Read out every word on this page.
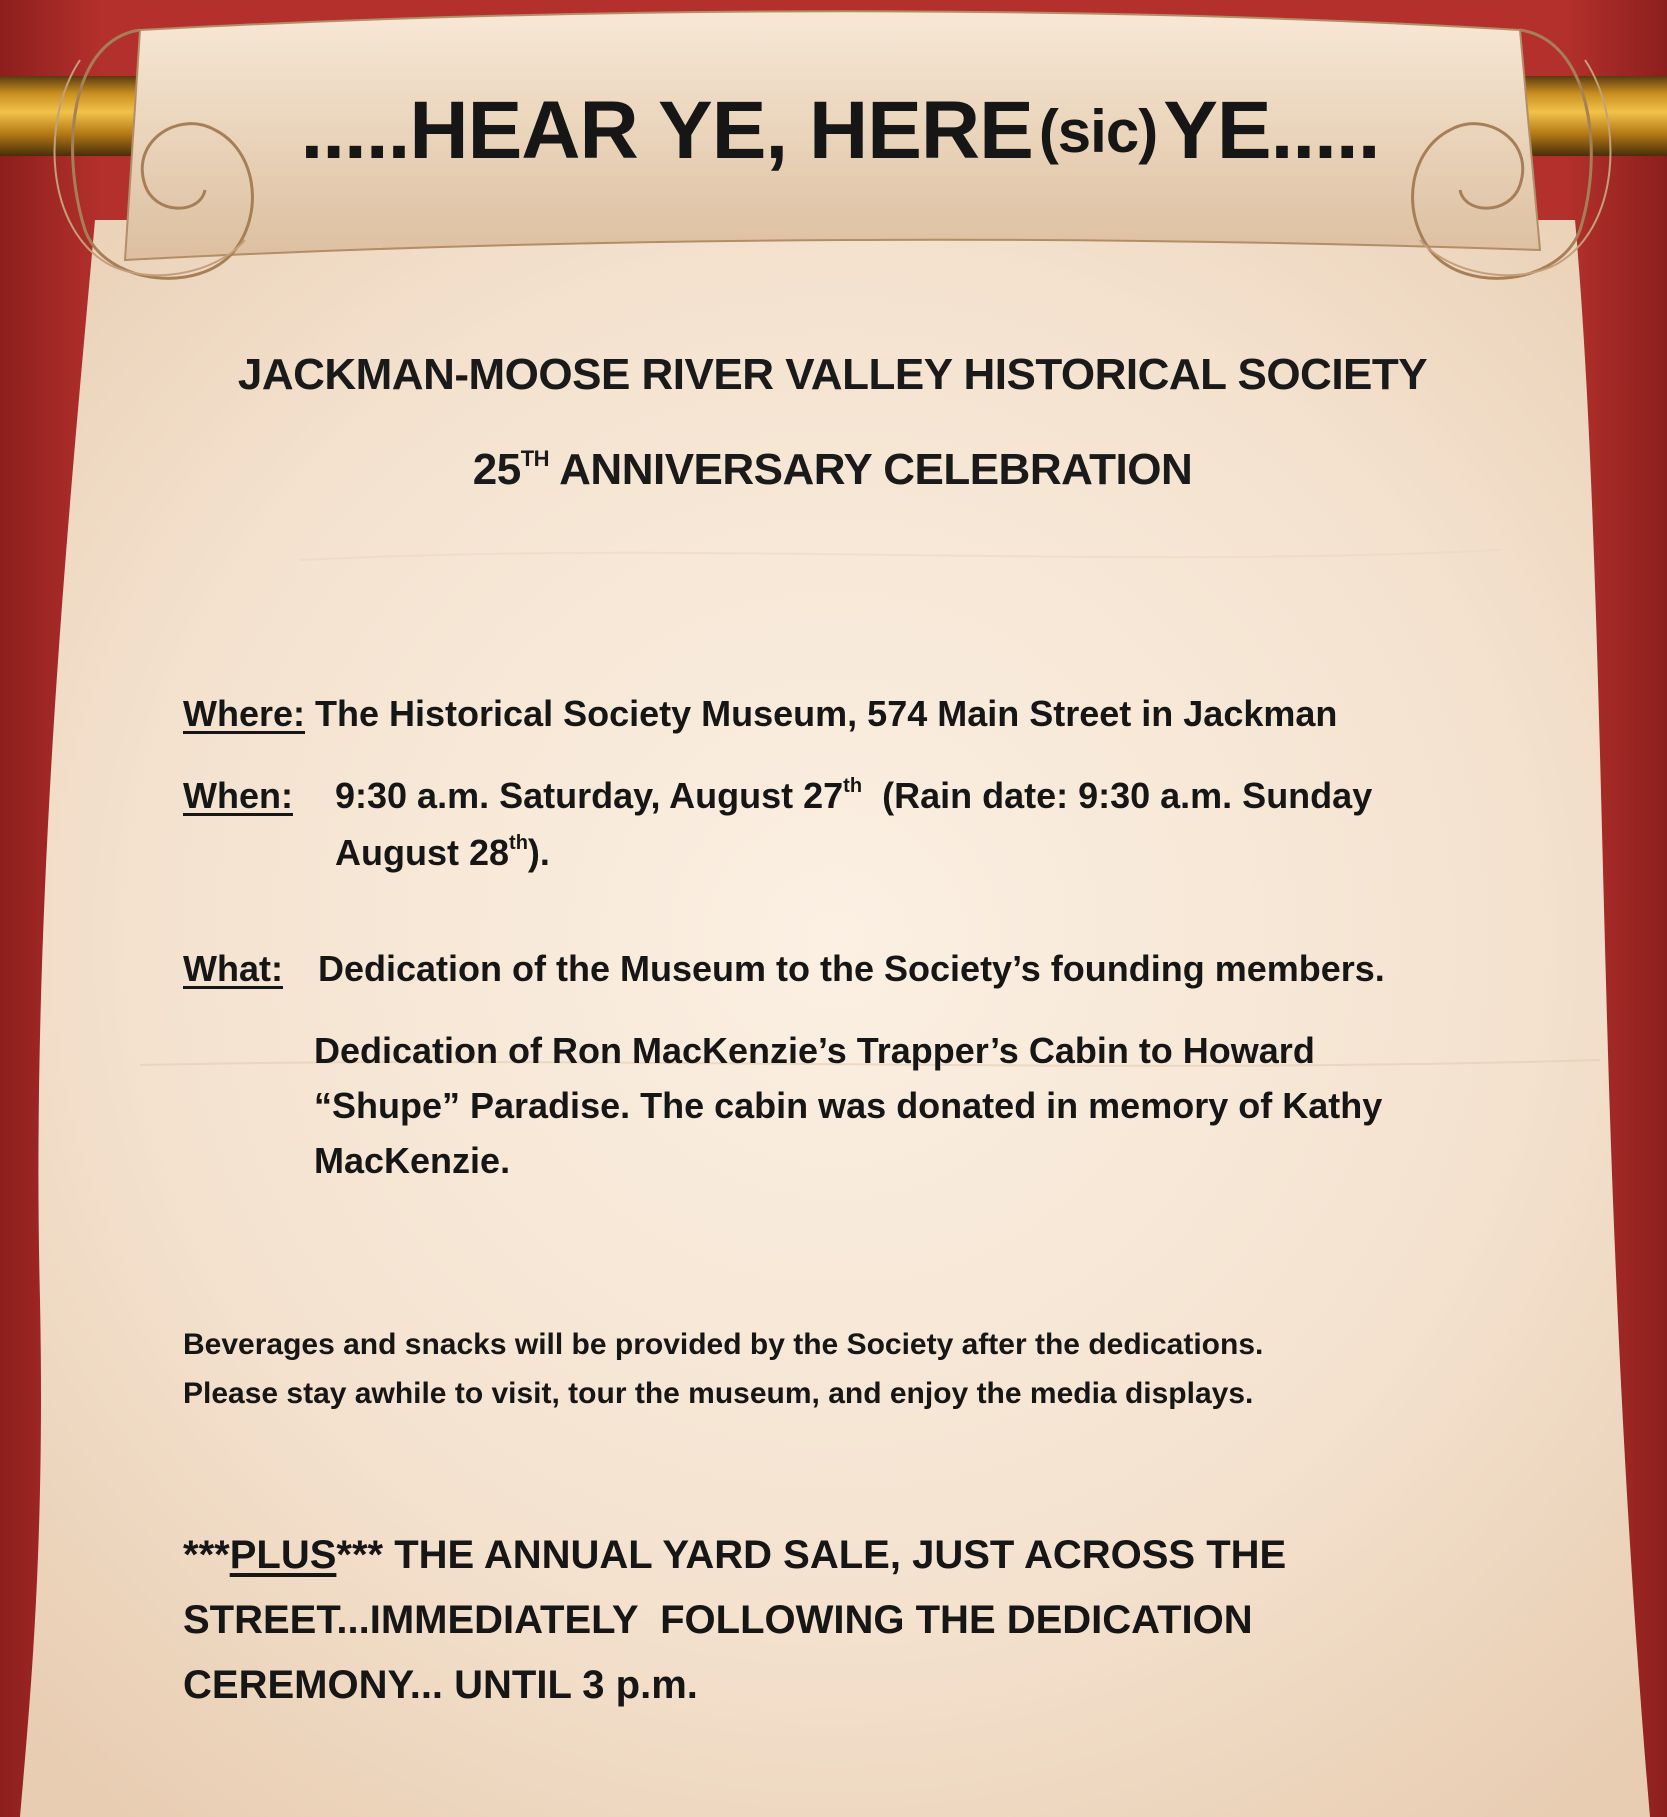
.....HEAR YE, HERE (sic) YE.....
JACKMAN-MOOSE RIVER VALLEY HISTORICAL SOCIETY
25TH ANNIVERSARY CELEBRATION
Where: The Historical Society Museum, 574 Main Street in Jackman
When: 9:30 a.m. Saturday, August 27th (Rain date: 9:30 a.m. Sunday
August 28th).
What: Dedication of the Museum to the Society’s founding members.
Dedication of Ron MacKenzie’s Trapper’s Cabin to Howard
“Shupe” Paradise. The cabin was donated in memory of Kathy
MacKenzie.
Beverages and snacks will be provided by the Society after the dedications.
Please stay awhile to visit, tour the museum, and enjoy the media displays.
***PLUS*** THE ANNUAL YARD SALE, JUST ACROSS THE
STREET...IMMEDIATELY  FOLLOWING THE DEDICATION
CEREMONY... UNTIL 3 p.m.
